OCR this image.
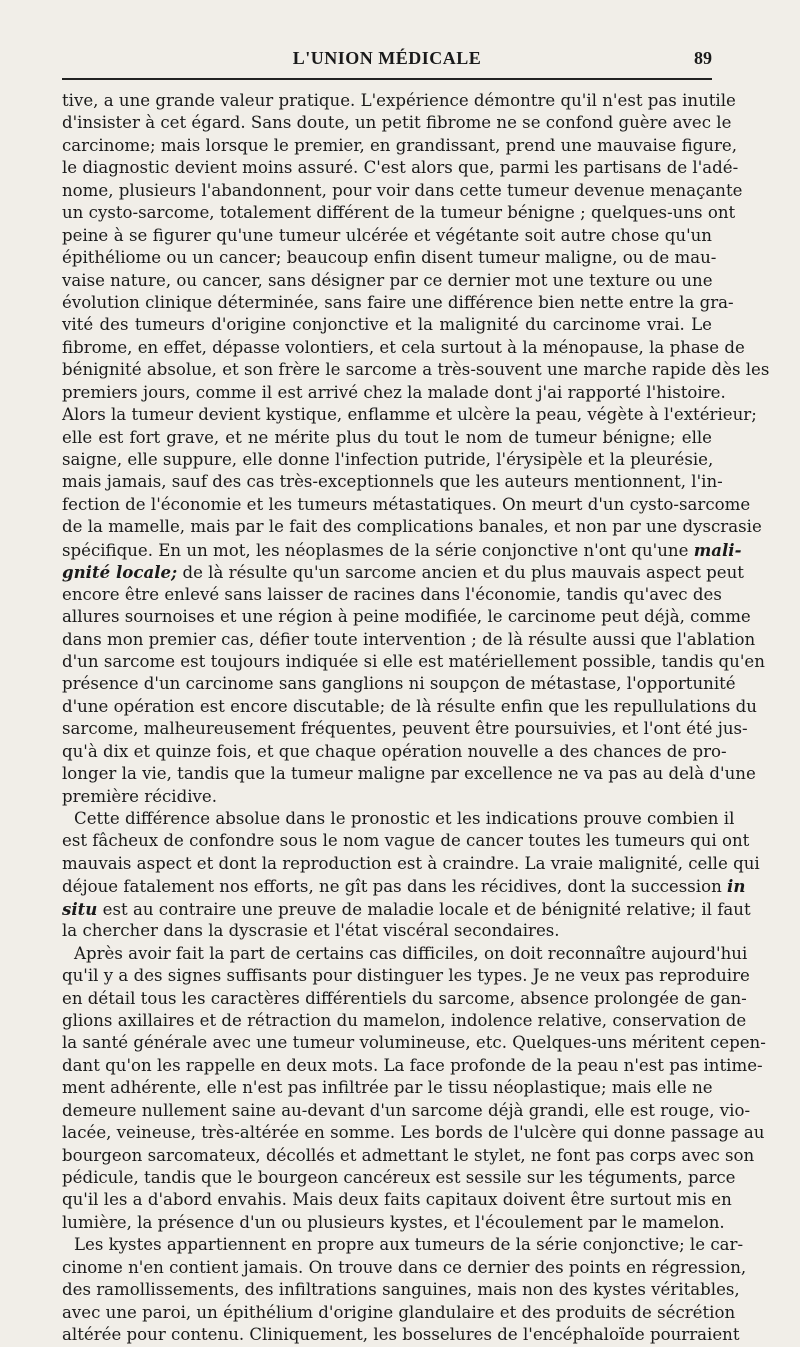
L'UNION MÉDICALE	89
tive, a une grande valeur pratique. L'expérience démontre qu'il n'est pas inutile
d'insister à cet égard. Sans doute, un petit fibrome ne se confond guère avec le
carcinome; mais lorsque le premier, en grandissant, prend une mauvaise figure,
le diagnostic devient moins assuré. C'est alors que, parmi les partisans de l'adé-
nome, plusieurs l'abandonnent, pour voir dans cette tumeur devenue menaçante
un cysto-sarcome, totalement différent de la tumeur bénigne ; quelques-uns ont
peine à se figurer qu'une tumeur ulcérée et végétante soit autre chose qu'un
épithéliome ou un cancer; beaucoup enfin disent tumeur maligne, ou de mau-
vaise nature, ou cancer, sans désigner par ce dernier mot une texture ou une
évolution clinique déterminée, sans faire une différence bien nette entre la gra-
vité des tumeurs d'origine conjonctive et la malignité du carcinome vrai. Le
fibrome, en effet, dépasse volontiers, et cela surtout à la ménopause, la phase de
bénignité absolue, et son frère le sarcome a très-souvent une marche rapide dès les
premiers jours, comme il est arrivé chez la malade dont j'ai rapporté l'histoire.
Alors la tumeur devient kystique, enflamme et ulcère la peau, végète à l'extérieur;
elle est fort grave, et ne mérite plus du tout le nom de tumeur bénigne; elle
saigne, elle suppure, elle donne l'infection putride, l'érysipèle et la pleurésie,
mais jamais, sauf des cas très-exceptionnels que les auteurs mentionnent, l'in-
fection de l'économie et les tumeurs métastatiques. On meurt d'un cysto-sarcome
de la mamelle, mais par le fait des complications banales, et non par une dyscrasie
spécifique. En un mot, les néoplasmes de la série conjonctive n'ont qu'une mali-
gnité locale; de là résulte qu'un sarcome ancien et du plus mauvais aspect peut
encore être enlevé sans laisser de racines dans l'économie, tandis qu'avec des
allures sournoises et une région à peine modifiée, le carcinome peut déjà, comme
dans mon premier cas, défier toute intervention ; de là résulte aussi que l'ablation
d'un sarcome est toujours indiquée si elle est matériellement possible, tandis qu'en
présence d'un carcinome sans ganglions ni soupçon de métastase, l'opportunité
d'une opération est encore discutable; de là résulte enfin que les repullulations du
sarcome, malheureusement fréquentes, peuvent être poursuivies, et l'ont été jus-
qu'à dix et quinze fois, et que chaque opération nouvelle a des chances de pro-
longer la vie, tandis que la tumeur maligne par excellence ne va pas au delà d'une
première récidive.
Cette différence absolue dans le pronostic et les indications prouve combien il
est fâcheux de confondre sous le nom vague de cancer toutes les tumeurs qui ont
mauvais aspect et dont la reproduction est à craindre. La vraie malignité, celle qui
déjoue fatalement nos efforts, ne gît pas dans les récidives, dont la succession in
situ est au contraire une preuve de maladie locale et de bénignité relative; il faut
la chercher dans la dyscrasie et l'état viscéral secondaires.
Après avoir fait la part de certains cas difficiles, on doit reconnaître aujourd'hui
qu'il y a des signes suffisants pour distinguer les types. Je ne veux pas reproduire
en détail tous les caractères différentiels du sarcome, absence prolongée de gan-
glions axillaires et de rétraction du mamelon, indolence relative, conservation de
la santé générale avec une tumeur volumineuse, etc. Quelques-uns méritent cepen-
dant qu'on les rappelle en deux mots. La face profonde de la peau n'est pas intime-
ment adhérente, elle n'est pas infiltrée par le tissu néoplastique; mais elle ne
demeure nullement saine au-devant d'un sarcome déjà grandi, elle est rouge, vio-
lacée, veineuse, très-altérée en somme. Les bords de l'ulcère qui donne passage au
bourgeon sarcomateux, décollés et admettant le stylet, ne font pas corps avec son
pédicule, tandis que le bourgeon cancéreux est sessile sur les téguments, parce
qu'il les a d'abord envahis. Mais deux faits capitaux doivent être surtout mis en
lumière, la présence d'un ou plusieurs kystes, et l'écoulement par le mamelon.
Les kystes appartiennent en propre aux tumeurs de la série conjonctive; le car-
cinome n'en contient jamais. On trouve dans ce dernier des points en régression,
des ramollissements, des infiltrations sanguines, mais non des kystes véritables,
avec une paroi, un épithélium d'origine glandulaire et des produits de sécrétion
altérée pour contenu. Cliniquement, les bosselures de l'encéphaloïde pourraient
